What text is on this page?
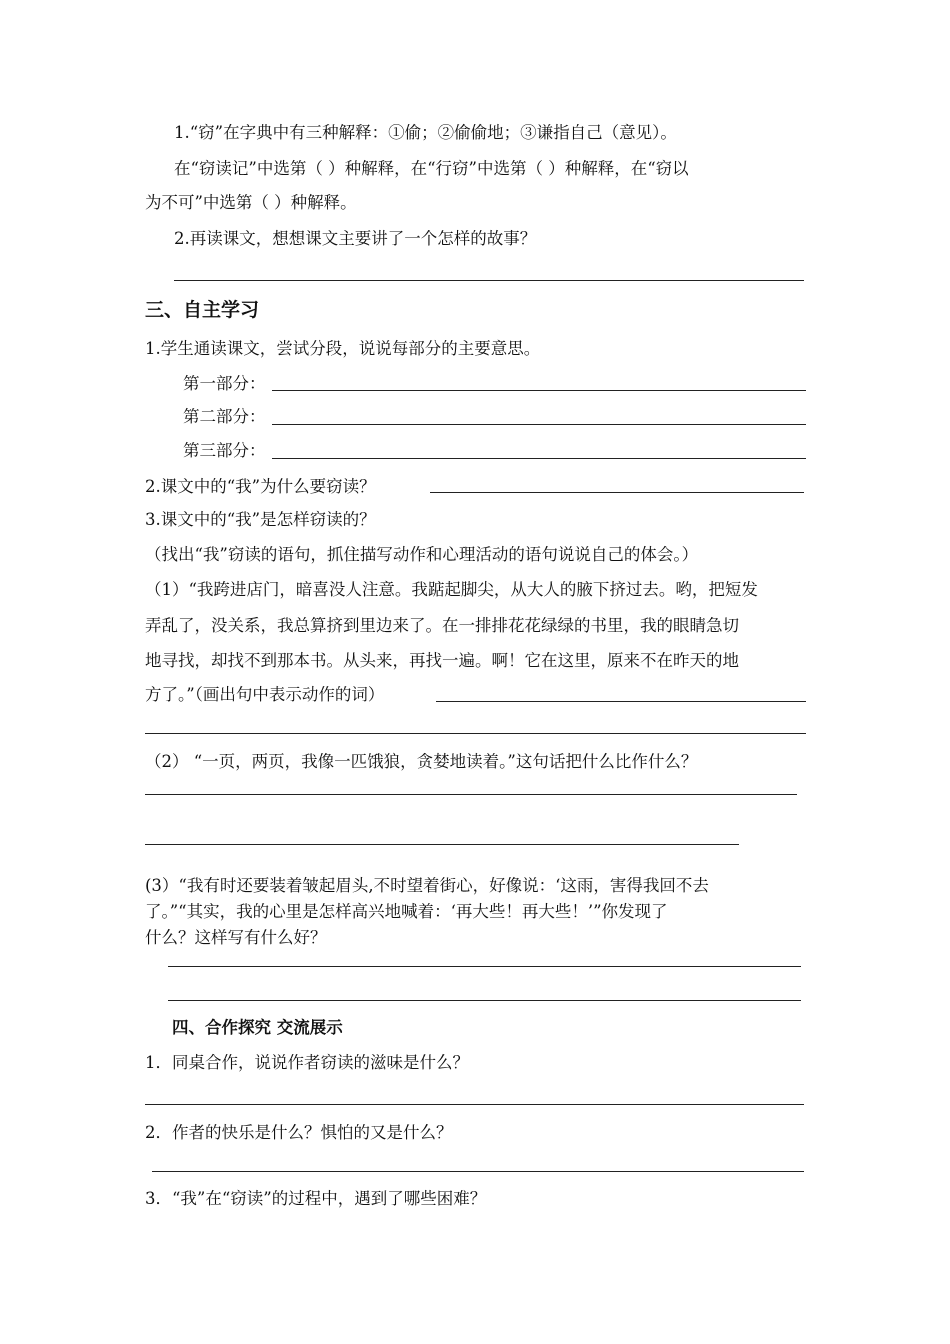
1.“窃”在字典中有三种解释：①偷；②偷偷地；③谦指自己（意见）。
在“窃读记”中选第（ ）种解释，在“行窃”中选第（ ）种解释，在“窃以
为不可”中选第（ ）种解释。
2.再读课文，想想课文主要讲了一个怎样的故事？
三、自主学习
1.学生通读课文，尝试分段，说说每部分的主要意思。
第一部分：
第二部分：
第三部分：
2.课文中的“我”为什么要窃读？
3.课文中的“我”是怎样窃读的？
（找出“我”窃读的语句，抓住描写动作和心理活动的语句说说自己的体会。）
（1）“我跨进店门，暗喜没人注意。我踮起脚尖，从大人的腋下挤过去。哟，把短发
弄乱了，没关系，我总算挤到里边来了。在一排排花花绿绿的书里，我的眼睛急切
地寻找，却找不到那本书。从头来，再找一遍。啊！它在这里，原来不在昨天的地
方了。”（画出句中表示动作的词）
（2） “一页，两页，我像一匹饿狼，贪婪地读着。”这句话把什么比作什么？
(3）“我有时还要装着皱起眉头,不时望着街心，好像说：‘这雨，害得我回不去
了。”“其实，我的心里是怎样高兴地喊着：‘再大些！再大些！’”你发现了
什么？这样写有什么好？
四、合作探究 交流展示
1．同桌合作，说说作者窃读的滋味是什么？
2．作者的快乐是什么？惧怕的又是什么？
3．“我”在“窃读”的过程中，遇到了哪些困难？
